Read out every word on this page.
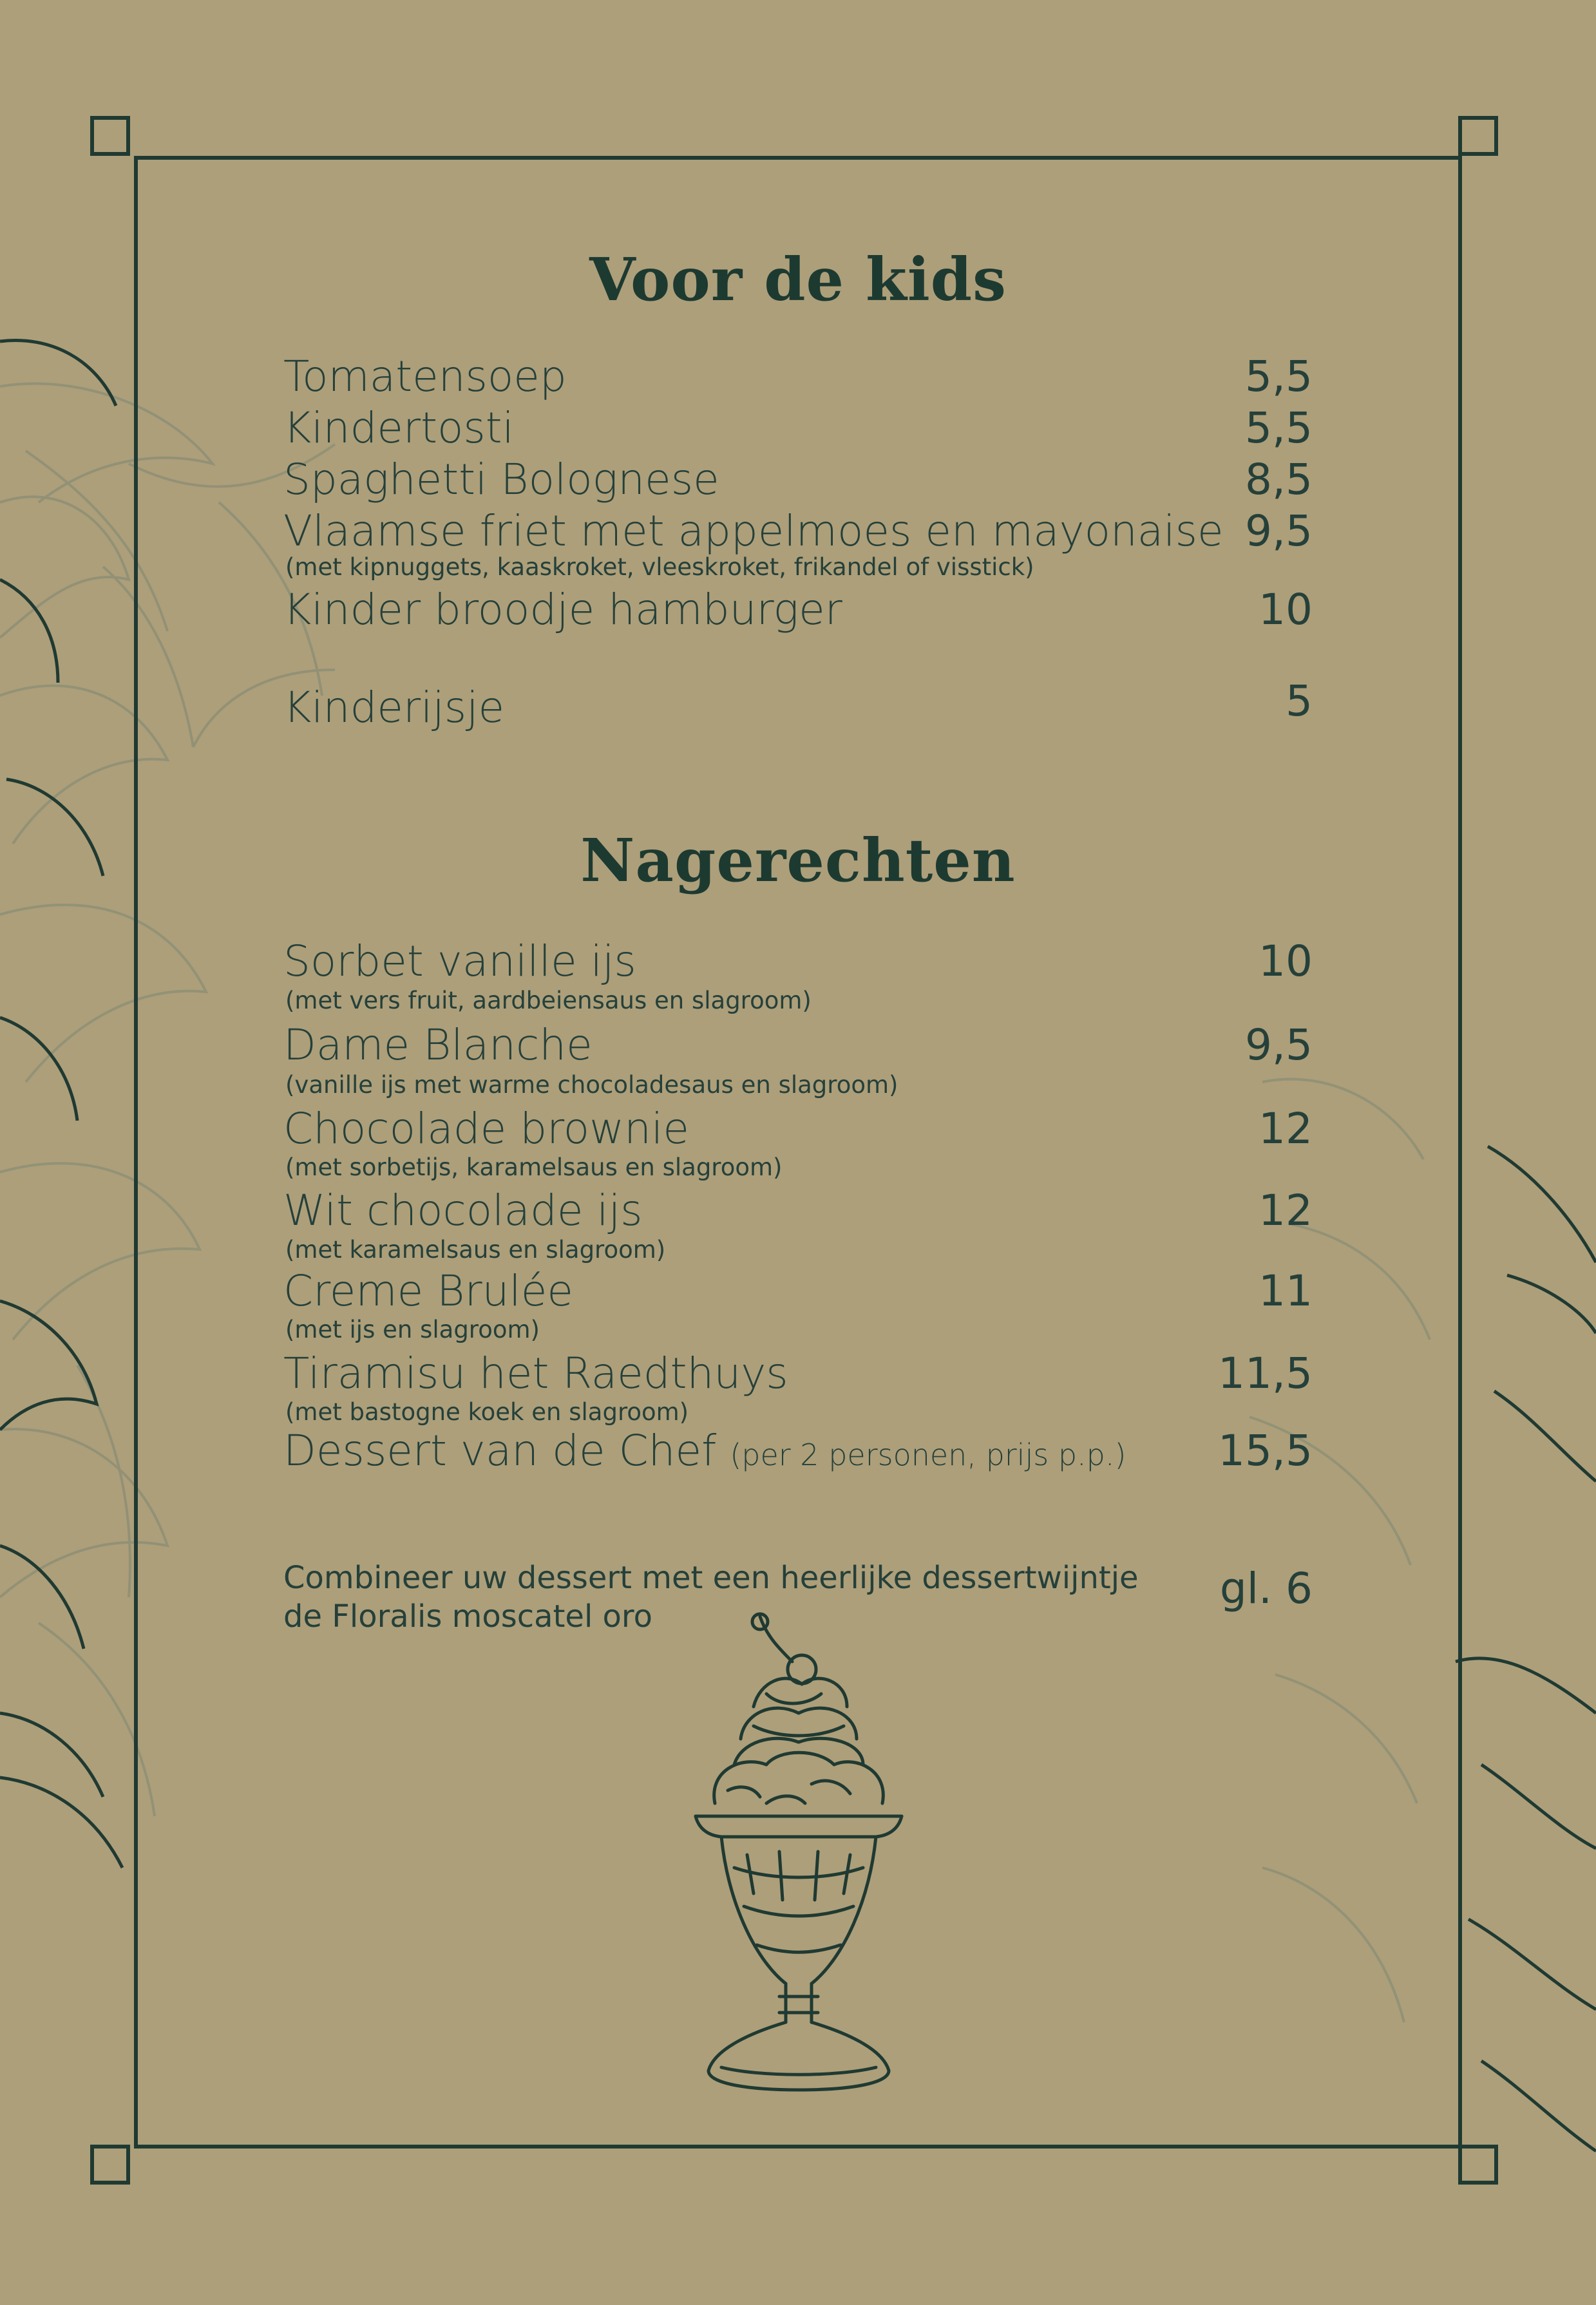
Voor de kids
Tomatensoep	5,5
Kindertosti	5,5
Spaghetti Bolognese	8,5
Vlaamse friet met appelmoes en mayonaise 9,5
(met kipnuggets, kaaskroket, vleeskroket, frikandel of visstick)
Kinder broodje hamburger	10
Kinderijsje	5
Nagerechten
Sorbet vanille ijs	10
(met vers fruit, aardbeiensaus en slagroom)
Dame Blanche	9,5
(vanille ijs met warme chocoladesaus en slagroom)
Chocolade brownie	12
(met sorbetijs, karamelsaus en slagroom)
Wit chocolade ijs	12
(met karamelsaus en slagroom)
Creme Brulée	11
(met ijs en slagroom)
Tiramisu het Raedthuys	11,5
(met bastogne koek en slagroom)
Dessert van de Chef (per 2 personen, prijs p.p.) 15,5
Combineer uw dessert met een heerlijke dessertwijntje
de Floralis moscatel oro
gl. 6
